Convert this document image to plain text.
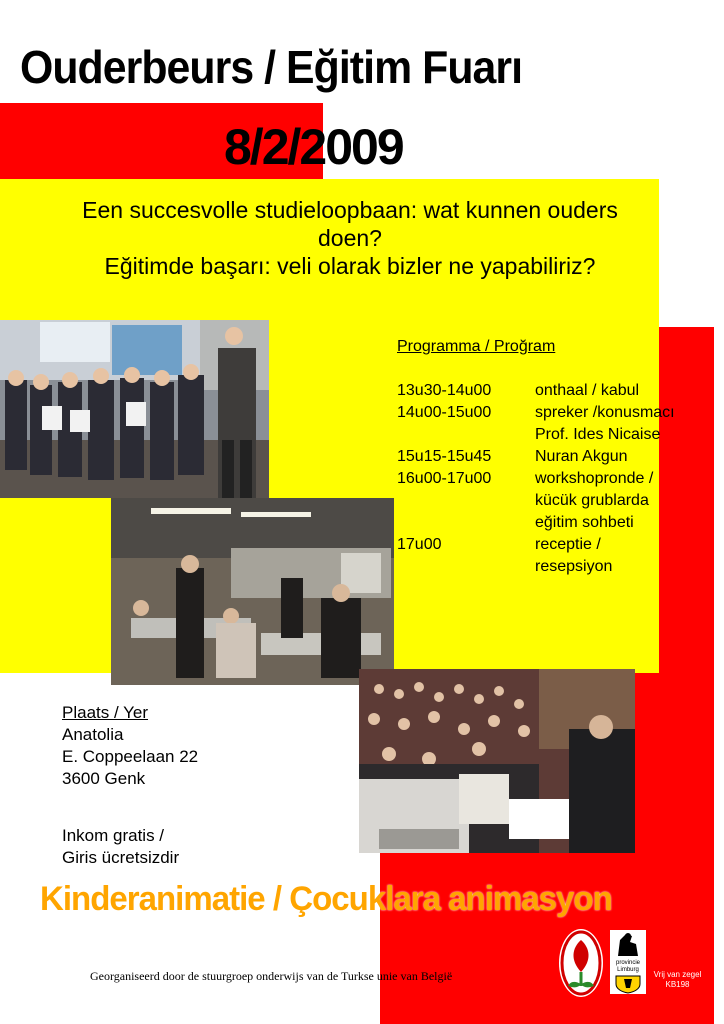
Ouderbeurs / Eğitim Fuarı
8/2/2009
Een succesvolle studieloopbaan: wat kunnen ouders
doen?
Eğitimde başarı: veli olarak bizler ne yapabiliriz?
Programma / Proğram
13u30-14u00	onthaal / kabul
14u00-15u00	spreker /konusmacı
Prof. Ides Nicaise
15u15-15u45	Nuran Akgun
16u00-17u00	workshopronde /
kücük grublarda
eğitim sohbeti
17u00	receptie /
resepsiyon
Plaats / Yer
Anatolia
E. Coppeelaan 22
3600 Genk
Inkom gratis /
Giris ücretsizdir
Kinderanimatie / Çocuklara animasyon
Georganiseerd door de stuurgroep onderwijs van de Turkse unie van België
provincie Limburg	Vrij van zegel
KB198
